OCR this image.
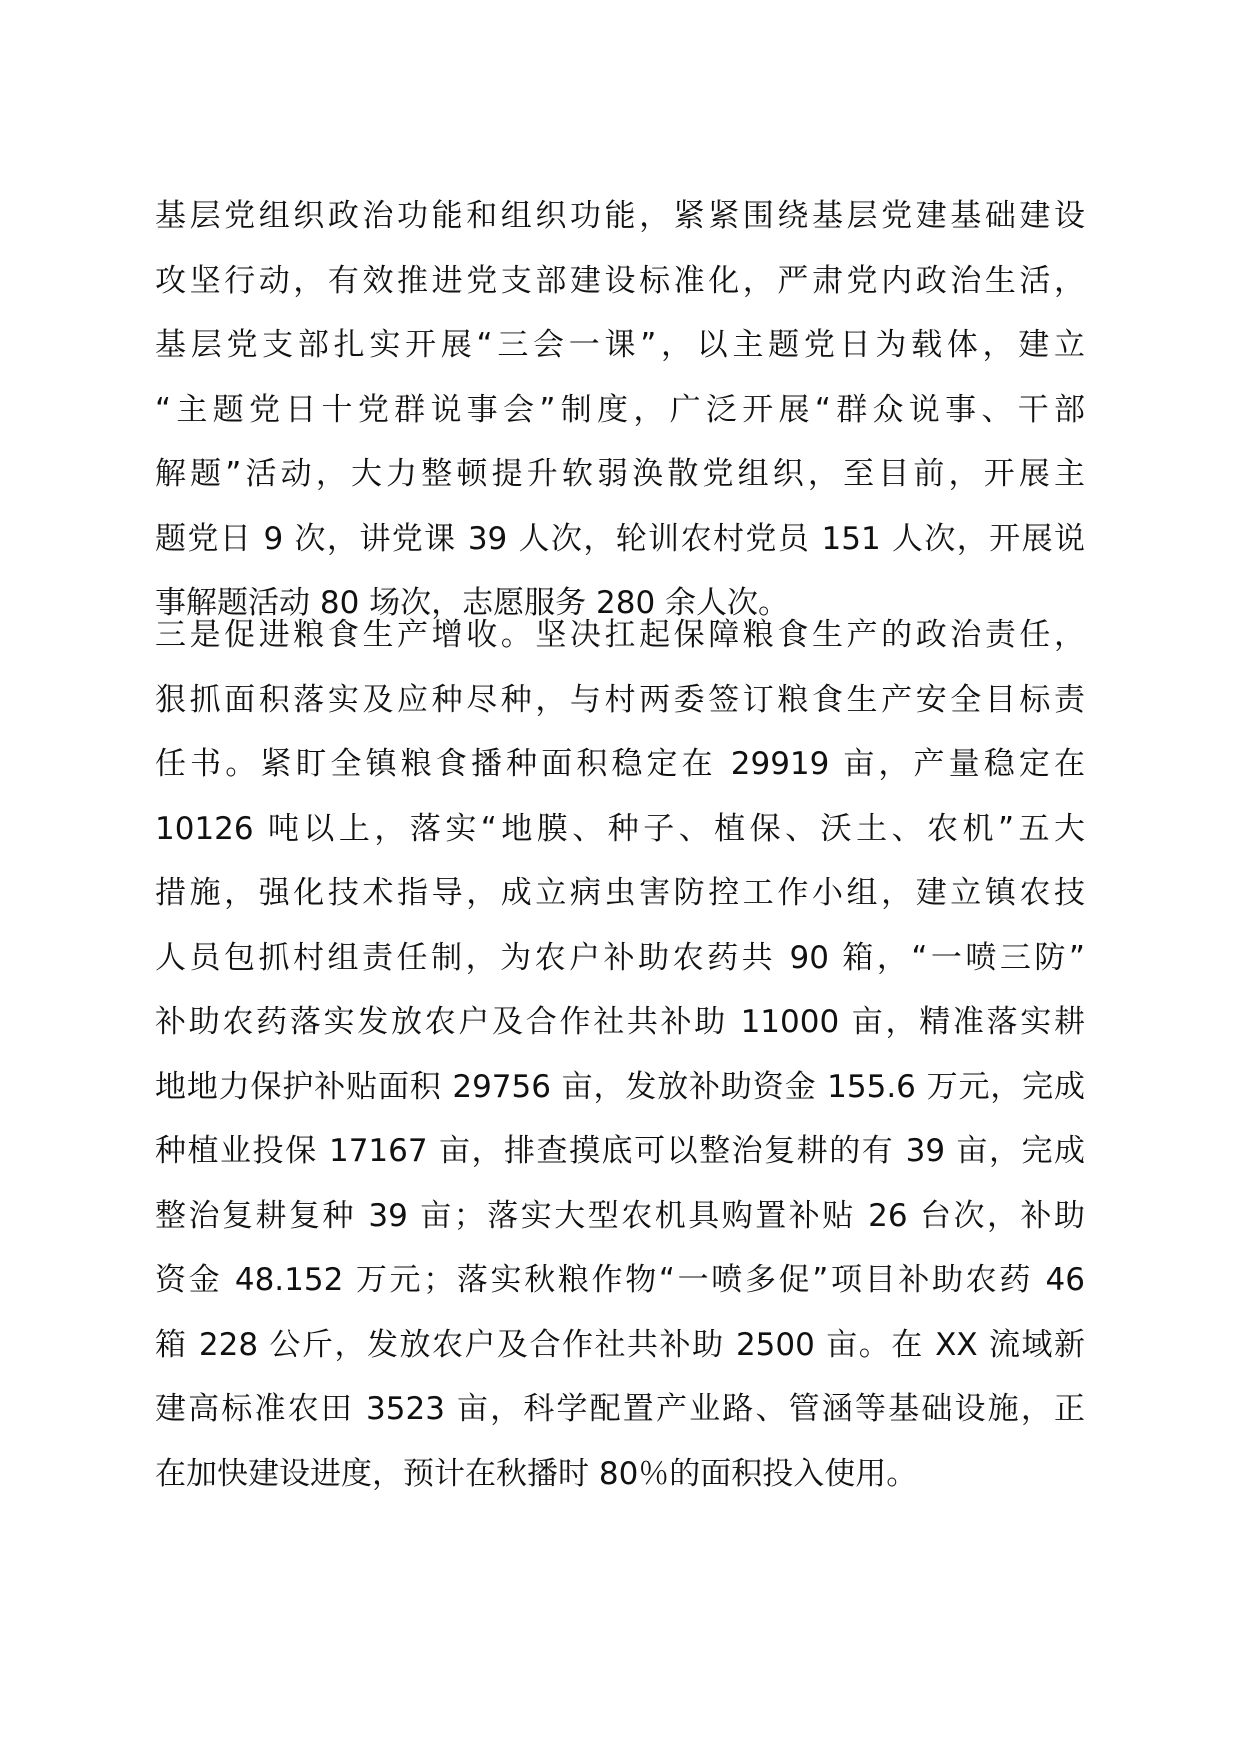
基层党组织政治功能和组织功能，紧紧围绕基层党建基础建设
攻坚行动，有效推进党支部建设标准化，严肃党内政治生活，
基层党支部扎实开展“三会一课”，以主题党日为载体，建立
“主题党日十党群说事会”制度，广泛开展“群众说事、干部
解题”活动，大力整顿提升软弱涣散党组织，至目前，开展主
题党日 9 次，讲党课 39 人次，轮训农村党员 151 人次，开展说
事解题活动 80 场次，志愿服务 280 余人次。
三是促进粮食生产增收。坚决扛起保障粮食生产的政治责任，
狠抓面积落实及应种尽种，与村两委签订粮食生产安全目标责
任书。紧盯全镇粮食播种面积稳定在 29919 亩，产量稳定在
10126 吨以上，落实“地膜、种子、植保、沃土、农机”五大
措施，强化技术指导，成立病虫害防控工作小组，建立镇农技
人员包抓村组责任制，为农户补助农药共 90 箱，“一喷三防”
补助农药落实发放农户及合作社共补助 11000 亩，精准落实耕
地地力保护补贴面积 29756 亩，发放补助资金 155.6 万元，完成
种植业投保 17167 亩，排查摸底可以整治复耕的有 39 亩，完成
整治复耕复种 39 亩；落实大型农机具购置补贴 26 台次，补助
资金 48.152 万元；落实秋粮作物“一喷多促”项目补助农药 46
箱 228 公斤，发放农户及合作社共补助 2500 亩。在 XX 流域新
建高标准农田 3523 亩，科学配置产业路、管涵等基础设施，正
在加快建设进度，预计在秋播时 80％的面积投入使用。
